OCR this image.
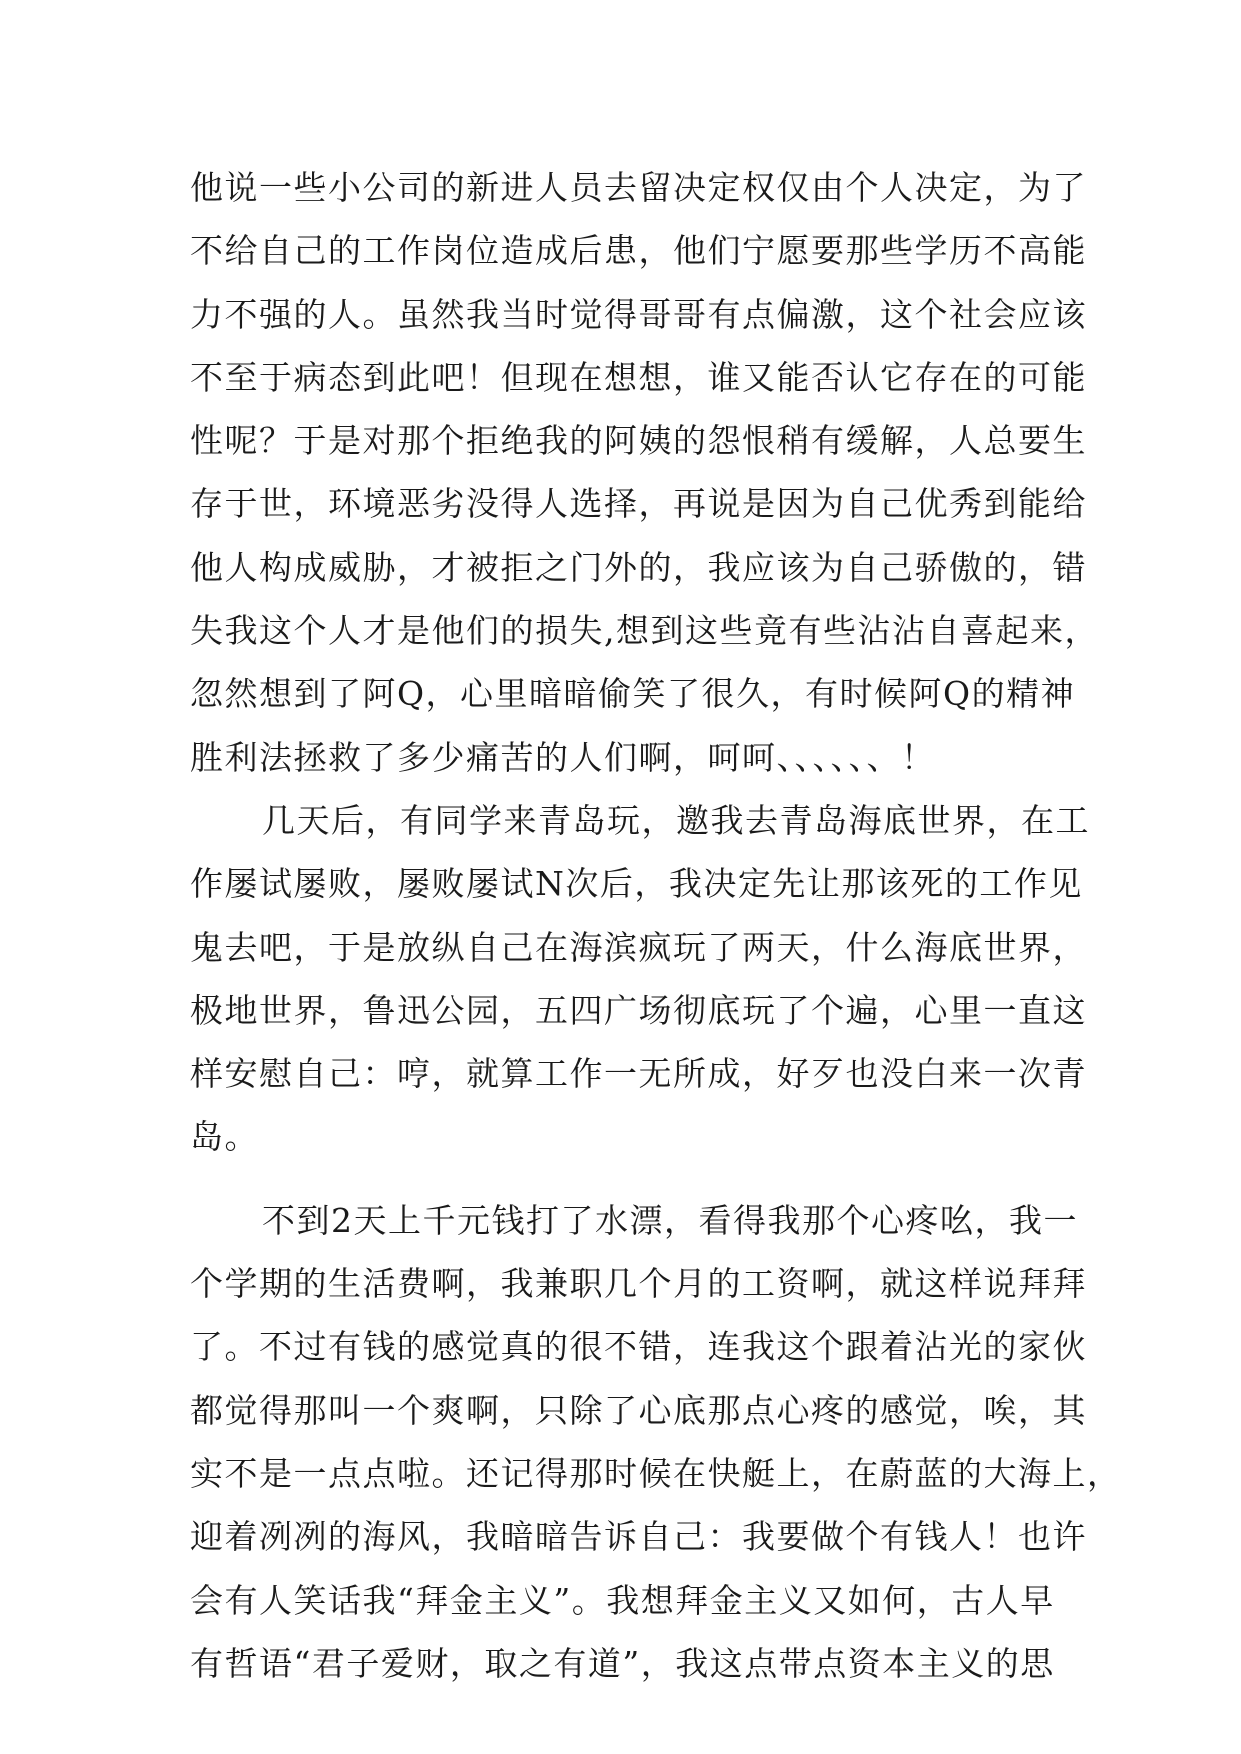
他说一些小公司的新进人员去留决定权仅由个人决定，为了
不给自己的工作岗位造成后患，他们宁愿要那些学历不高能
力不强的人。虽然我当时觉得哥哥有点偏激，这个社会应该
不至于病态到此吧！但现在想想，谁又能否认它存在的可能
性呢？于是对那个拒绝我的阿姨的怨恨稍有缓解，人总要生
存于世，环境恶劣没得人选择，再说是因为自己优秀到能给
他人构成威胁，才被拒之门外的，我应该为自己骄傲的，错
失我这个人才是他们的损失,想到这些竟有些沾沾自喜起来，
忽然想到了阿Q，心里暗暗偷笑了很久，有时候阿Q的精神
胜利法拯救了多少痛苦的人们啊，呵呵、、、、、、！
几天后，有同学来青岛玩，邀我去青岛海底世界，在工
作屡试屡败，屡败屡试N次后，我决定先让那该死的工作见
鬼去吧，于是放纵自己在海滨疯玩了两天，什么海底世界，
极地世界，鲁迅公园，五四广场彻底玩了个遍，心里一直这
样安慰自己：哼，就算工作一无所成，好歹也没白来一次青
岛。
不到2天上千元钱打了水漂，看得我那个心疼吆，我一
个学期的生活费啊，我兼职几个月的工资啊，就这样说拜拜
了。不过有钱的感觉真的很不错，连我这个跟着沾光的家伙
都觉得那叫一个爽啊，只除了心底那点心疼的感觉，唉，其
实不是一点点啦。还记得那时候在快艇上，在蔚蓝的大海上，
迎着冽冽的海风，我暗暗告诉自己：我要做个有钱人！也许
会有人笑话我“拜金主义”。我想拜金主义又如何，古人早
有哲语“君子爱财，取之有道”，我这点带点资本主义的思
